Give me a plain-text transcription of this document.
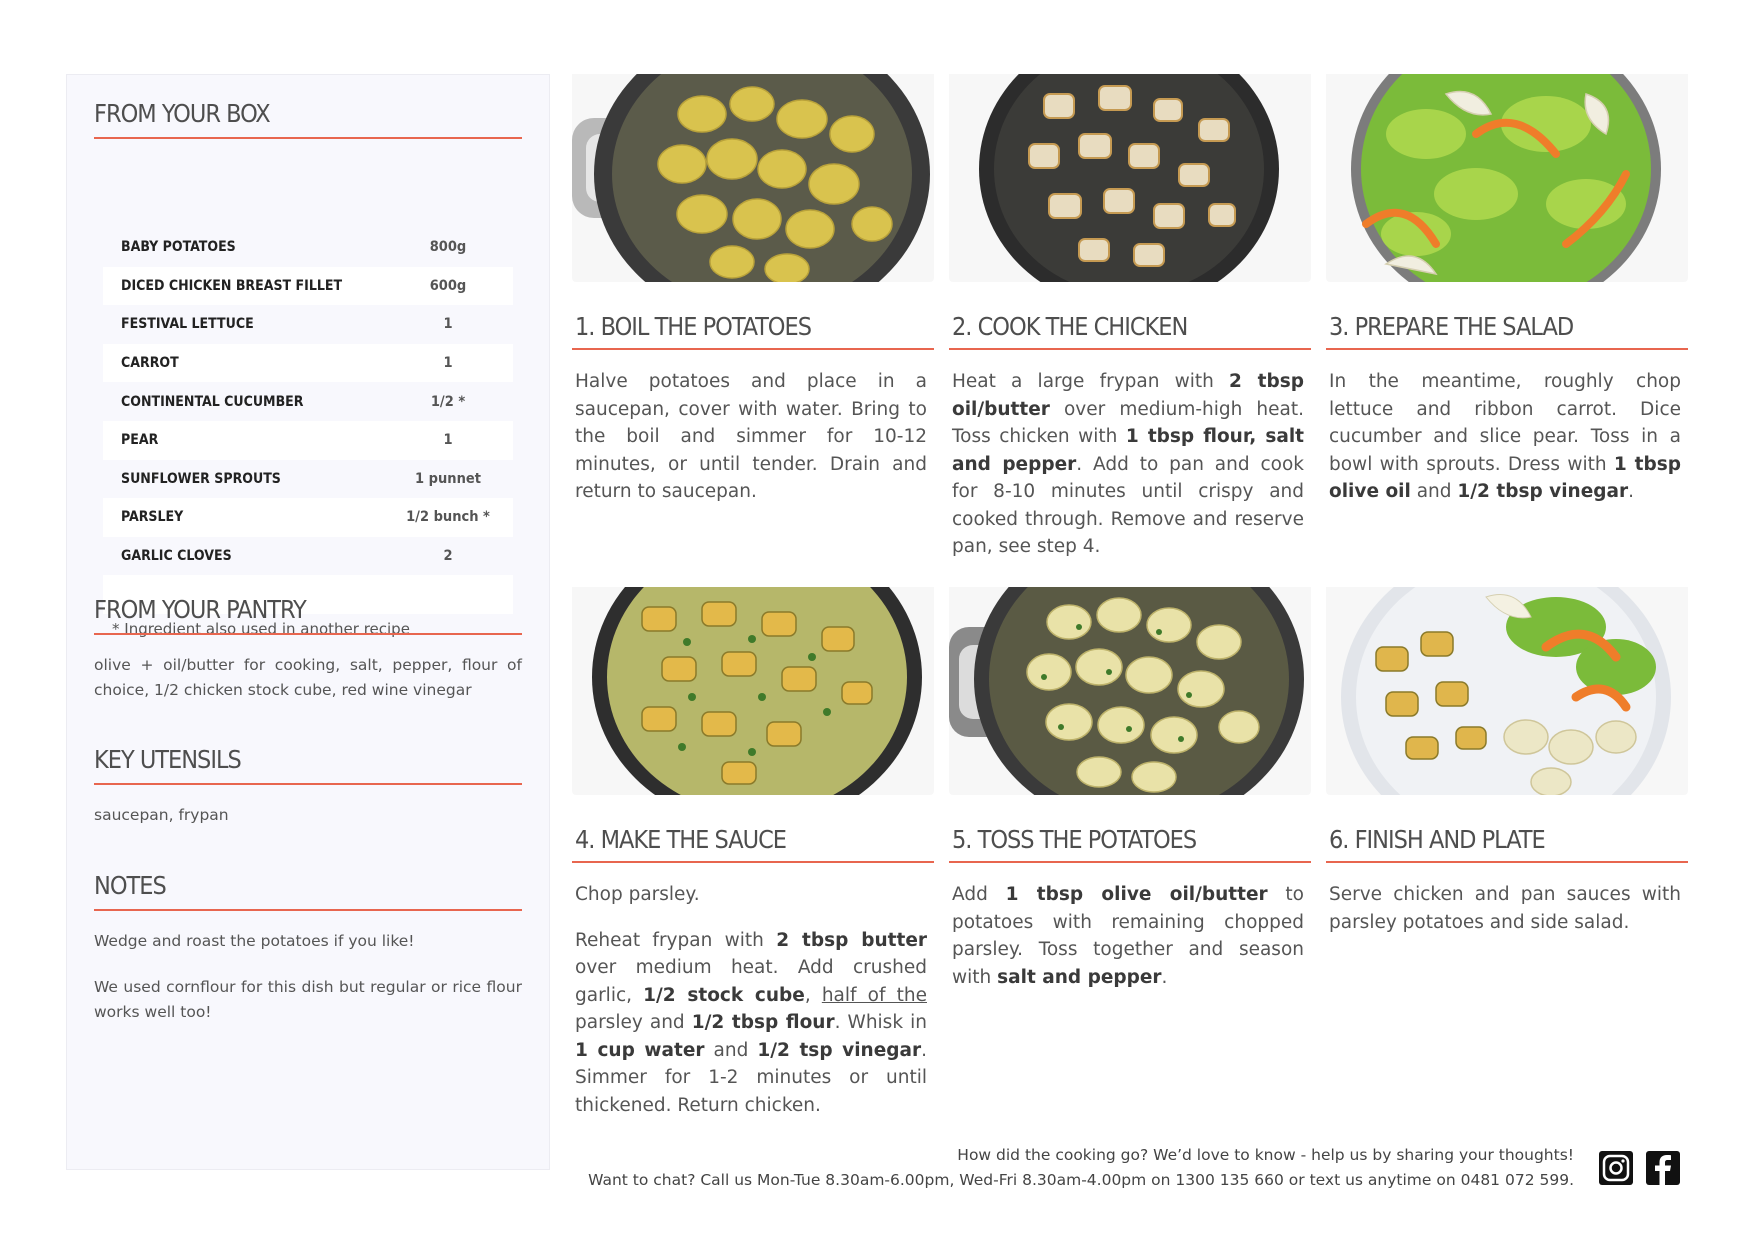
FROM YOUR BOX
BABY POTATOES	800g
DICED CHICKEN BREAST FILLET	600g
FESTIVAL LETTUCE	1
CARROT	1
CONTINENTAL CUCUMBER	1/2 *
PEAR	1
SUNFLOWER SPROUTS	1 punnet
PARSLEY	1/2 bunch *
GARLIC CLOVES	2
* Ingredient also used in another recipe
FROM YOUR PANTRY
olive + oil/butter for cooking, salt, pepper, flour of choice, 1/2 chicken stock cube, red wine vinegar
KEY UTENSILS
saucepan, frypan
NOTES
Wedge and roast the potatoes if you like!
We used cornflour for this dish but regular or rice flour works well too!
1. BOIL THE POTATOES

Halve potatoes and place in a saucepan, cover with water. Bring to the boil and simmer for 10-12 minutes, or until tender. Drain and return to saucepan.

2. COOK THE CHICKEN

Heat a large frypan with 2 tbsp oil/butter over medium-high heat. Toss chicken with 1 tbsp flour, salt and pepper. Add to pan and cook for 8-10 minutes until crispy and cooked through. Remove and reserve pan, see step 4.

3. PREPARE THE SALAD

In the meantime, roughly chop lettuce and ribbon carrot. Dice cucumber and slice pear. Toss in a bowl with sprouts. Dress with 1 tbsp olive oil and 1/2 tbsp vinegar.

4. MAKE THE SAUCE

Chop parsley.

Reheat frypan with 2 tbsp butter over medium heat. Add crushed garlic, 1/2 stock cube, half of the parsley and 1/2 tbsp flour. Whisk in 1 cup water and 1/2 tsp vinegar. Simmer for 1-2 minutes or until thickened. Return chicken.

5. TOSS THE POTATOES

Add 1 tbsp olive oil/butter to potatoes with remaining chopped parsley. Toss together and season with salt and pepper.

6. FINISH AND PLATE

Serve chicken and pan sauces with parsley potatoes and side salad.

How did the cooking go? We’d love to know - help us by sharing your thoughts!
Want to chat? Call us Mon-Tue 8.30am-6.00pm, Wed-Fri 8.30am-4.00pm on 1300 135 660 or text us anytime on 0481 072 599.
